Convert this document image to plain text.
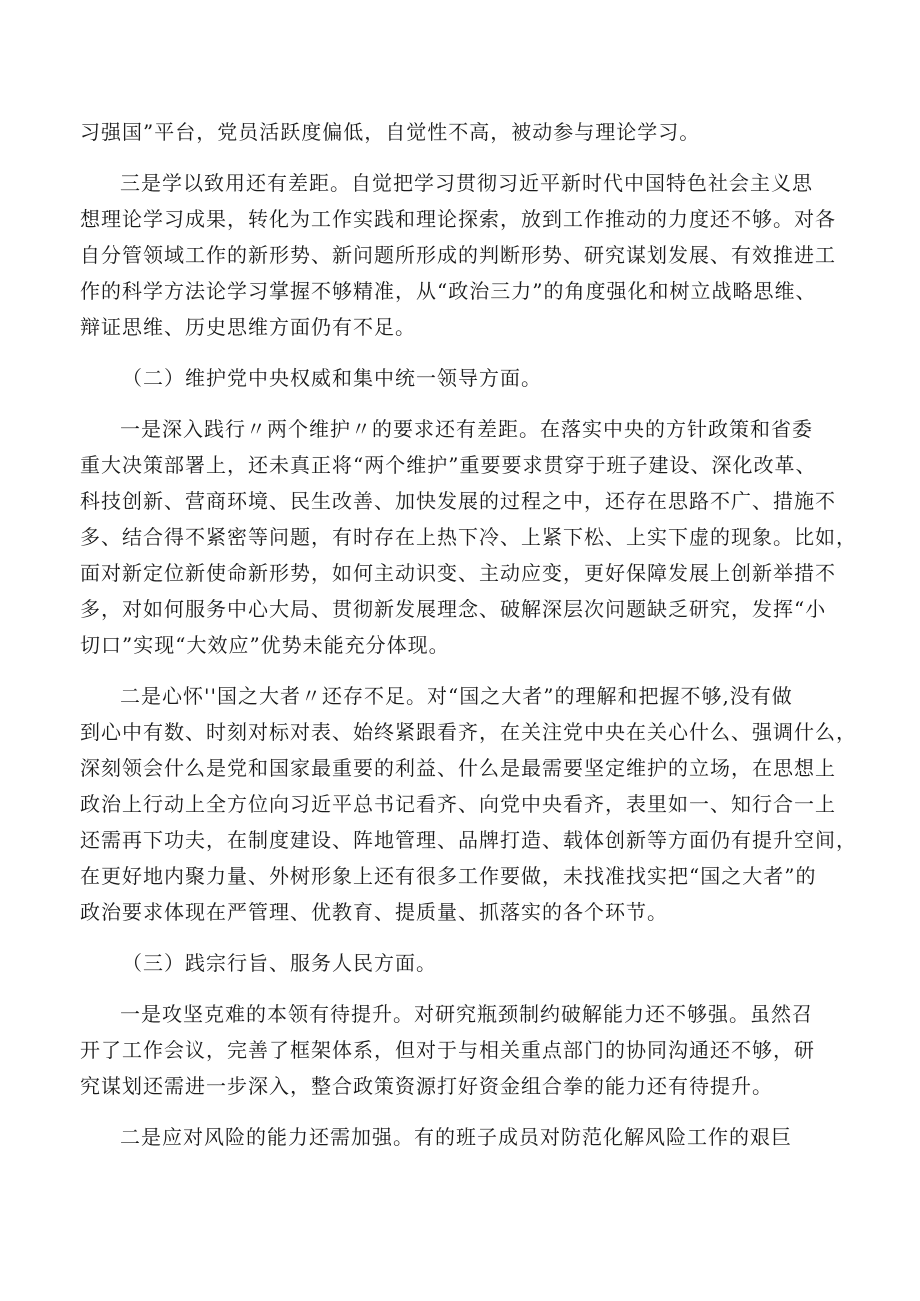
习强国”平台，党员活跃度偏低，自觉性不高，被动参与理论学习。
三是学以致用还有差距。自觉把学习贯彻习近平新时代中国特色社会主义思
想理论学习成果，转化为工作实践和理论探索，放到工作推动的力度还不够。对各
自分管领域工作的新形势、新问题所形成的判断形势、研究谋划发展、有效推进工
作的科学方法论学习掌握不够精准，从“政治三力”的角度强化和树立战略思维、
辩证思维、历史思维方面仍有不足。
（二）维护党中央权威和集中统一领导方面。
一是深入践行〃两个维护〃的要求还有差距。在落实中央的方针政策和省委
重大决策部署上，还未真正将“两个维护”重要要求贯穿于班子建设、深化改革、
科技创新、营商环境、民生改善、加快发展的过程之中，还存在思路不广、措施不
多、结合得不紧密等问题，有时存在上热下冷、上紧下松、上实下虚的现象。比如，
面对新定位新使命新形势，如何主动识变、主动应变，更好保障发展上创新举措不
多，对如何服务中心大局、贯彻新发展理念、破解深层次问题缺乏研究，发挥“小
切口”实现“大效应”优势未能充分体现。
二是心怀''国之大者〃还存不足。对“国之大者”的理解和把握不够,没有做
到心中有数、时刻对标对表、始终紧跟看齐，在关注党中央在关心什么、强调什么，
深刻领会什么是党和国家最重要的利益、什么是最需要坚定维护的立场，在思想上
政治上行动上全方位向习近平总书记看齐、向党中央看齐，表里如一、知行合一上
还需再下功夫，在制度建设、阵地管理、品牌打造、载体创新等方面仍有提升空间，
在更好地内聚力量、外树形象上还有很多工作要做，未找准找实把“国之大者”的
政治要求体现在严管理、优教育、提质量、抓落实的各个环节。
（三）践宗行旨、服务人民方面。
一是攻坚克难的本领有待提升。对研究瓶颈制约破解能力还不够强。虽然召
开了工作会议，完善了框架体系，但对于与相关重点部门的协同沟通还不够，研
究谋划还需进一步深入，整合政策资源打好资金组合拳的能力还有待提升。
二是应对风险的能力还需加强。有的班子成员对防范化解风险工作的艰巨
